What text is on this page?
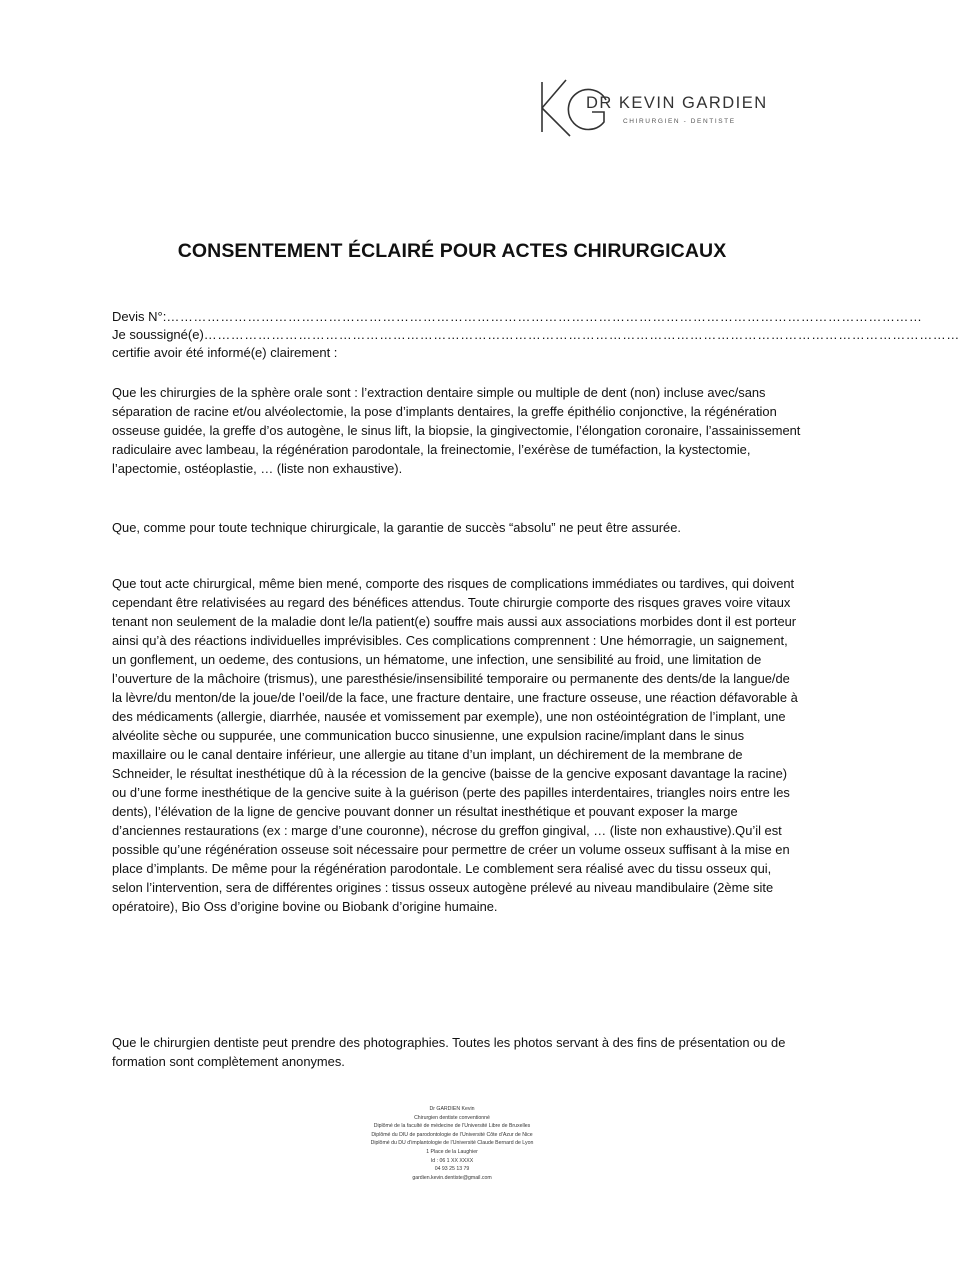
DR KEVIN GARDIEN
CHIRURGIEN - DENTISTE
CONSENTEMENT ÉCLAIRÉ POUR ACTES CHIRURGICAUX
Devis N°:……………………………………………………………………………………………………………………………………………………
Je soussigné(e)……………………………………………………………………………………………………………………………………………………
certifie avoir été informé(e) clairement :

Que les chirurgies de la sphère orale sont : l’extraction dentaire simple ou multiple de dent (non) incluse avec/sans séparation de racine et/ou alvéolectomie, la pose d’implants dentaires, la greffe épithélio conjonctive, la régénération osseuse guidée, la greffe d’os autogène, le sinus lift, la biopsie, la gingivectomie, l’élongation coronaire, l’assainissement radiculaire avec lambeau, la régénération parodontale, la freinectomie, l’exérèse de tuméfaction, la kystectomie, l’apectomie, ostéoplastie, … (liste non exhaustive).

Que, comme pour toute technique chirurgicale, la garantie de succès “absolu” ne peut être assurée.

Que tout acte chirurgical, même bien mené, comporte des risques de complications immédiates ou tardives, qui doivent cependant être relativisées au regard des bénéfices attendus. Toute chirurgie comporte des risques graves voire vitaux tenant non seulement de la maladie dont le/la patient(e) souffre mais aussi aux associations morbides dont il est porteur ainsi qu’à des réactions individuelles imprévisibles. Ces complications comprennent : Une hémorragie, un saignement, un gonflement, un oedeme, des contusions, un hématome, une infection, une sensibilité au froid, une limitation de l’ouverture de la mâchoire (trismus), une paresthésie/insensibilité temporaire ou permanente des dents/de la langue/de la lèvre/du menton/de la joue/de l’oeil/de la face, une fracture dentaire, une fracture osseuse, une réaction défavorable à des médicaments (allergie, diarrhée, nausée et vomissement par exemple), une non ostéointégration de l’implant, une alvéolite sèche ou suppurée, une communication bucco sinusienne, une expulsion racine/implant dans le sinus maxillaire ou le canal dentaire inférieur, une allergie au titane d’un implant, un déchirement de la membrane de Schneider, le résultat inesthétique dû à la récession de la gencive (baisse de la gencive exposant davantage la racine) ou d’une forme inesthétique de la gencive suite à la guérison (perte des papilles interdentaires, triangles noirs entre les dents), l’élévation de la ligne de gencive pouvant donner un résultat inesthétique et pouvant exposer la marge d’anciennes restaurations (ex : marge d’une couronne), nécrose du greffon gingival, … (liste non exhaustive).Qu’il est possible qu’une régénération osseuse soit nécessaire pour permettre de créer un volume osseux suffisant à la mise en place d’implants. De même pour la régénération parodontale. Le comblement sera réalisé avec du tissu osseux qui, selon l’intervention, sera de différentes origines : tissus osseux autogène prélevé au niveau mandibulaire (2ème site opératoire), Bio Oss d’origine bovine ou Biobank d’origine humaine.

Que le chirurgien dentiste peut prendre des photographies. Toutes les photos servant à des fins de présentation ou de formation sont complètement anonymes.

Dr GARDIEN Kevin
Chirurgien dentiste conventionné
Diplômé de la faculté de médecine de l’Université Libre de Bruxelles
Diplômé du DIU de parodontologie de l’Université Côte d’Azur de Nice
Diplômé du DU d’implantologie de l’Université Claude Bernard de Lyon
1 Place de la Laughier
Id : 06 1 XX XXXX
04 93 25 13 79
gardien.kevin.dentiste@gmail.com
